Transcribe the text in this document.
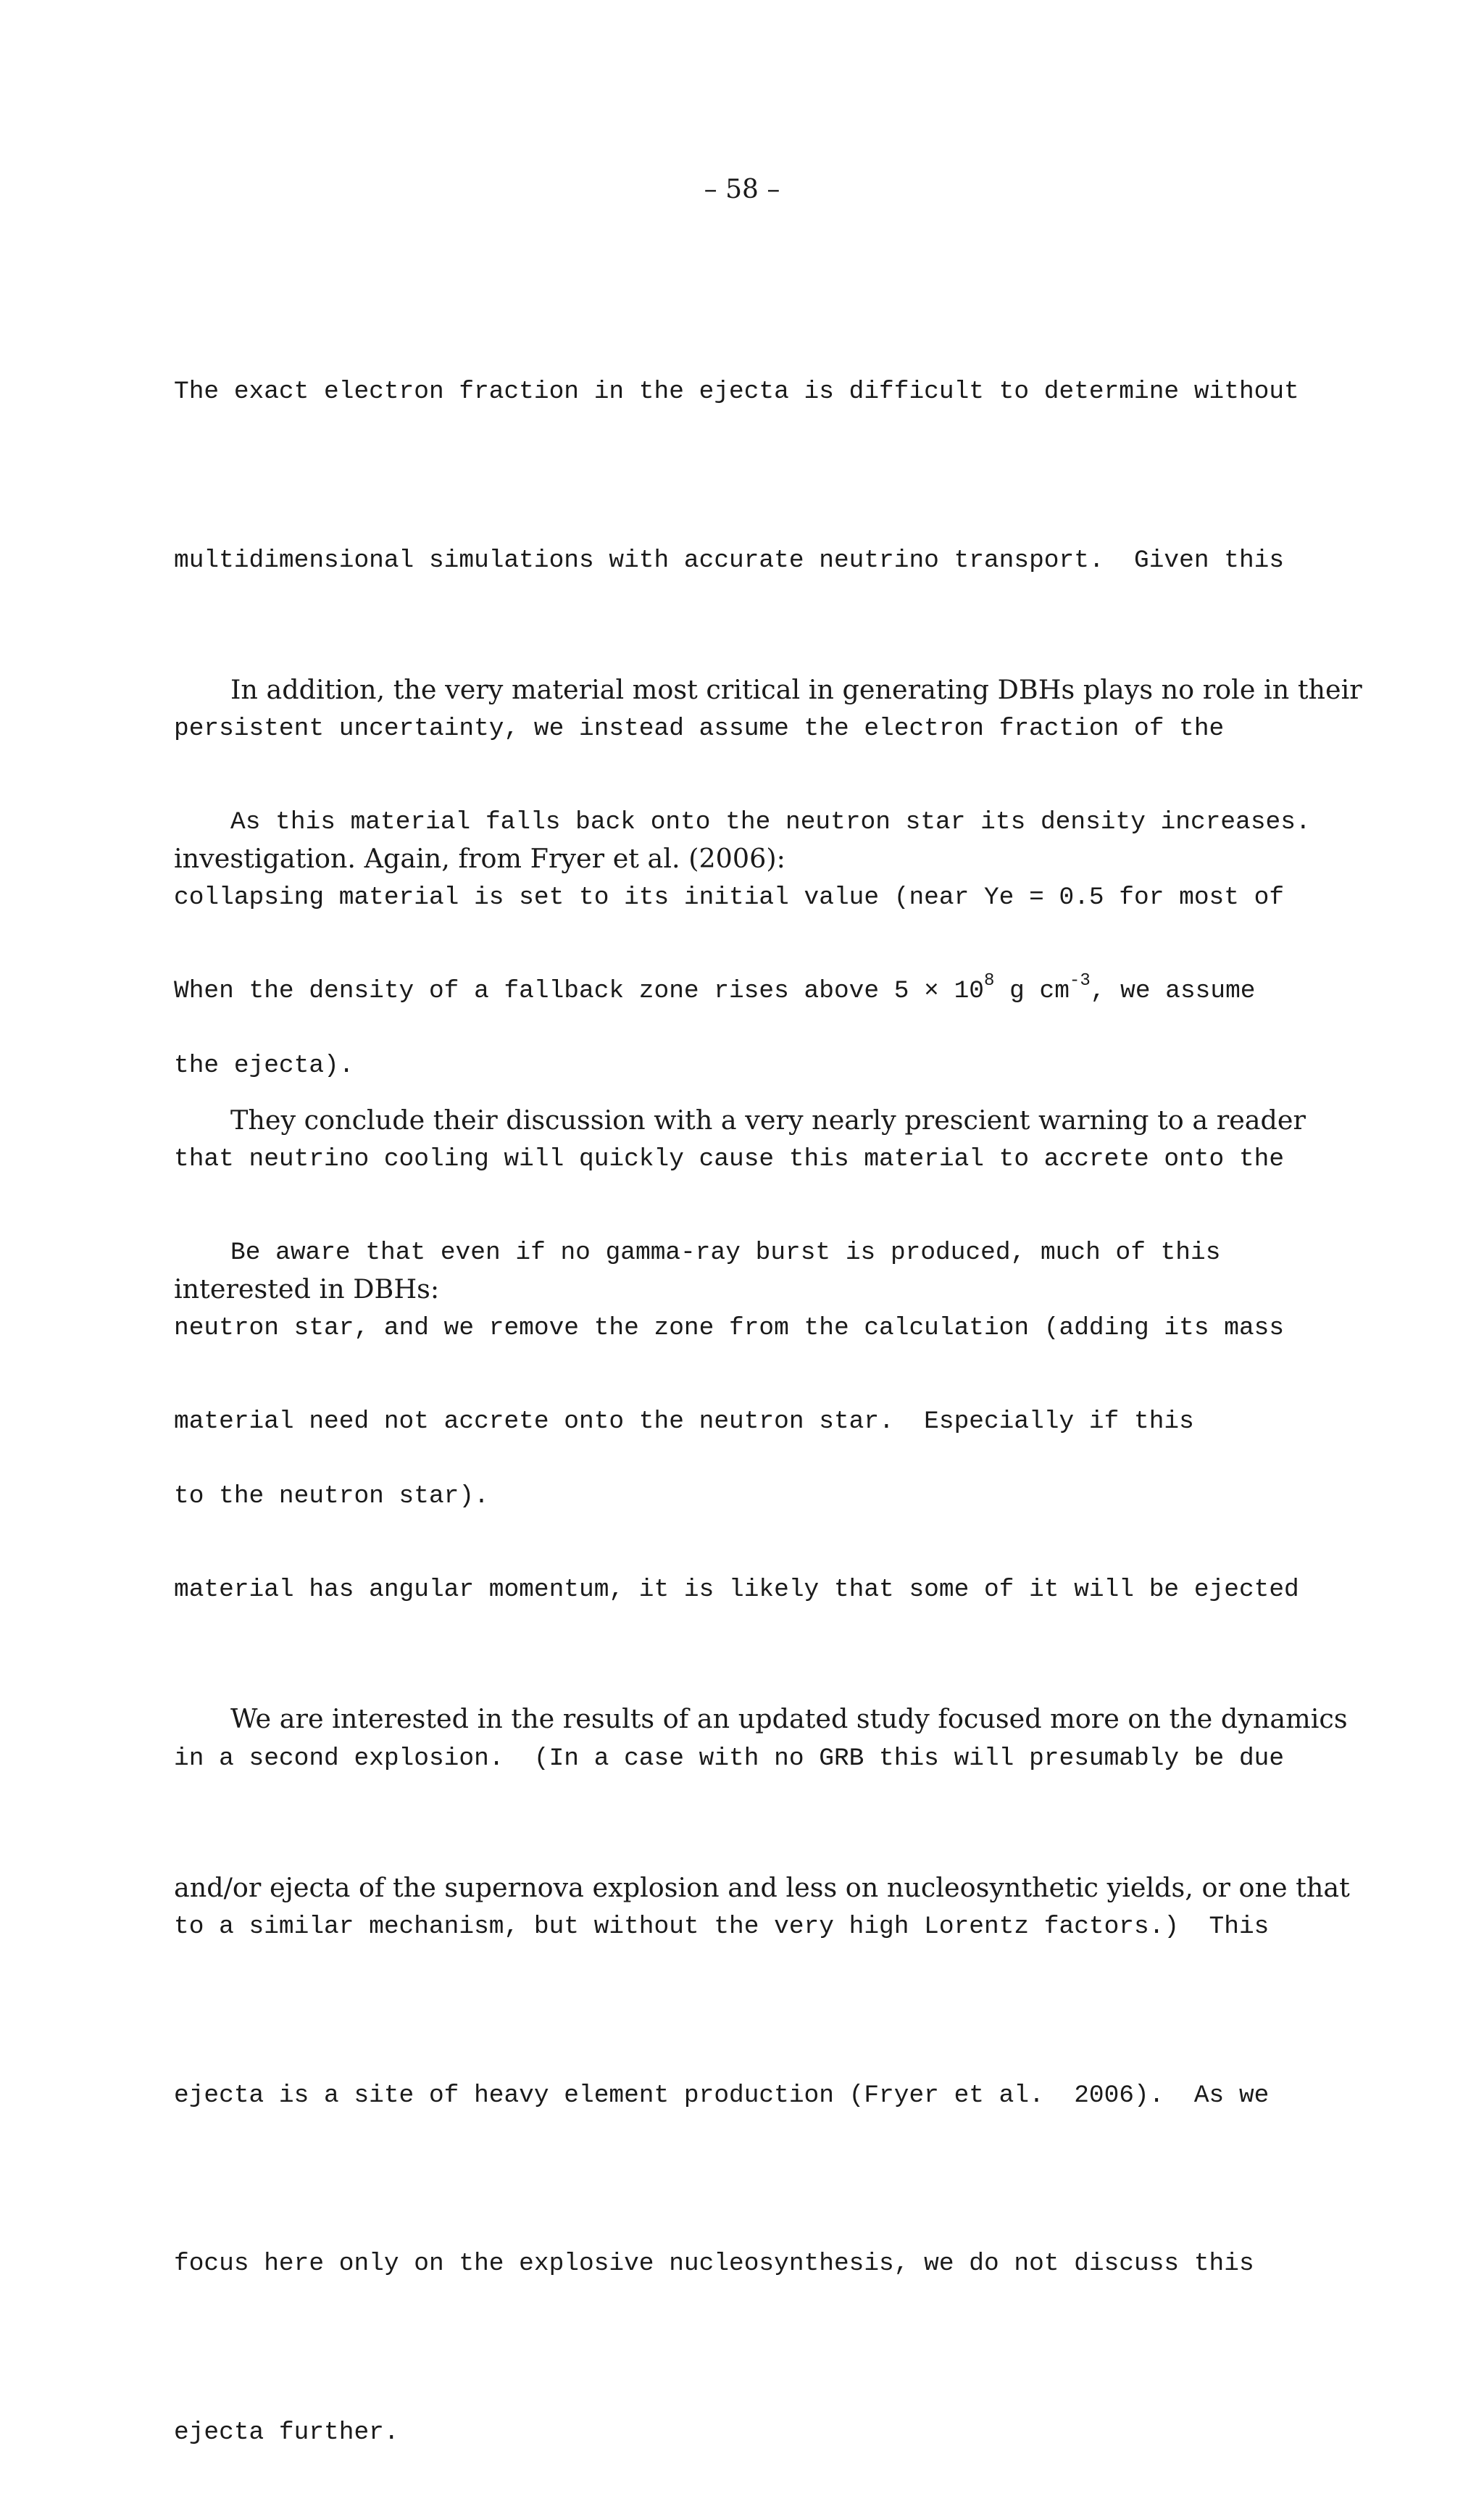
– 58 –

The exact electron fraction in the ejecta is difficult to determine without

multidimensional simulations with accurate neutrino transport.  Given this

persistent uncertainty, we instead assume the electron fraction of the

collapsing material is set to its initial value (near Ye = 0.5 for most of

the ejecta).

In addition, the very material most critical in generating DBHs plays no role in their

investigation. Again, from Fryer et al. (2006):

As this material falls back onto the neutron star its density increases.

When the density of a fallback zone rises above $5 \times 10^8$ g $cm^{-3}$, we assume

that neutrino cooling will quickly cause this material to accrete onto the

neutron star, and we remove the zone from the calculation (adding its mass

to the neutron star).

They conclude their discussion with a very nearly prescient warning to a reader

interested in DBHs:

Be aware that even if no gamma-ray burst is produced, much of this

material need not accrete onto the neutron star.  Especially if this

material has angular momentum, it is likely that some of it will be ejected

in a second explosion.  (In a case with no GRB this will presumably be due

to a similar mechanism, but without the very high Lorentz factors.)  This

ejecta is a site of heavy element production (Fryer et al.  2006).  As we

focus here only on the explosive nucleosynthesis, we do not discuss this

ejecta further.

We are interested in the results of an updated study focused more on the dynamics

and/or ejecta of the supernova explosion and less on nucleosynthetic yields, or one that
